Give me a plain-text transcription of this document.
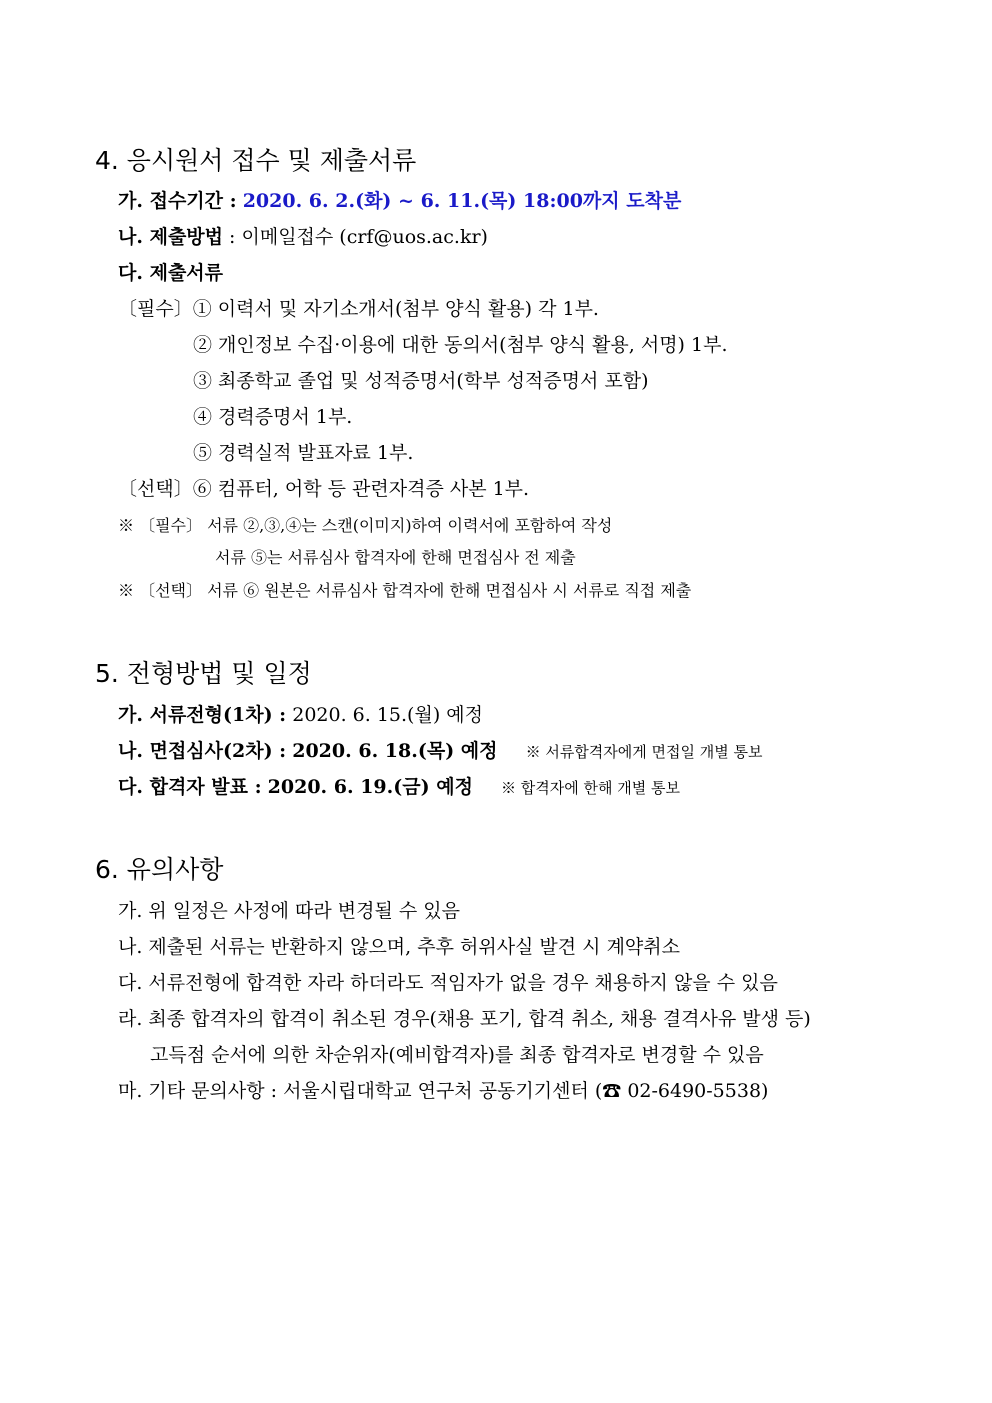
4. 응시원서 접수 및 제출서류
가. 접수기간 : 2020. 6. 2.(화) ~ 6. 11.(목) 18:00까지 도착분
나. 제출방법 : 이메일접수 (crf@uos.ac.kr)
다. 제출서류
〔필수〕① 이력서 및 자기소개서(첨부 양식 활용) 각 1부.
② 개인정보 수집·이용에 대한 동의서(첨부 양식 활용, 서명) 1부.
③ 최종학교 졸업 및 성적증명서(학부 성적증명서 포함)
④ 경력증명서 1부.
⑤ 경력실적 발표자료 1부.
〔선택〕⑥ 컴퓨터, 어학 등 관련자격증 사본 1부.
※ 〔필수〕 서류 ②,③,④는 스캔(이미지)하여 이력서에 포함하여 작성
서류 ⑤는 서류심사 합격자에 한해 면접심사 전 제출
※ 〔선택〕 서류 ⑥ 원본은 서류심사 합격자에 한해 면접심사 시 서류로 직접 제출
5. 전형방법 및 일정
가. 서류전형(1차) : 2020. 6. 15.(월) 예정
나. 면접심사(2차) : 2020. 6. 18.(목) 예정 ※ 서류합격자에게 면접일 개별 통보
다. 합격자 발표 : 2020. 6. 19.(금) 예정 ※ 합격자에 한해 개별 통보
6. 유의사항
가. 위 일정은 사정에 따라 변경될 수 있음
나. 제출된 서류는 반환하지 않으며, 추후 허위사실 발견 시 계약취소
다. 서류전형에 합격한 자라 하더라도 적임자가 없을 경우 채용하지 않을 수 있음
라. 최종 합격자의 합격이 취소된 경우(채용 포기, 합격 취소, 채용 결격사유 발생 등)
고득점 순서에 의한 차순위자(예비합격자)를 최종 합격자로 변경할 수 있음
마. 기타 문의사항 : 서울시립대학교 연구처 공동기기센터 (☎ 02-6490-5538)
